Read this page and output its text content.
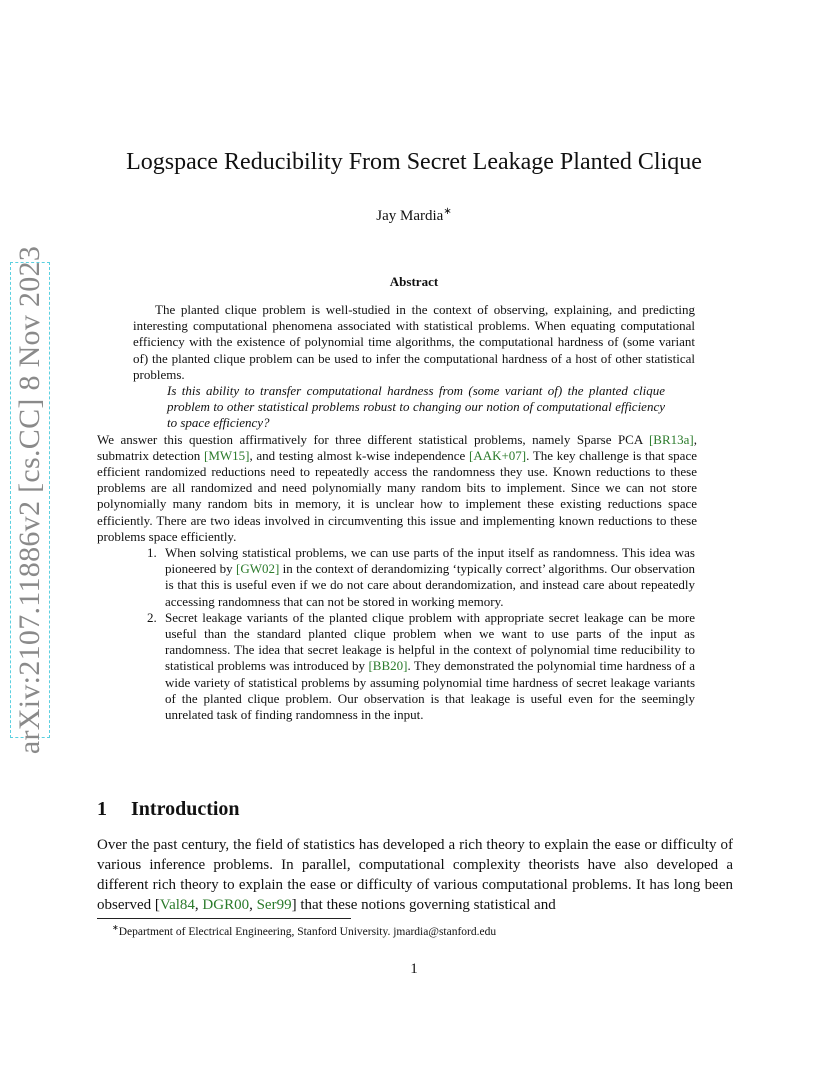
arXiv:2107.11886v2 [cs.CC] 8 Nov 2023
Logspace Reducibility From Secret Leakage Planted Clique
Jay Mardia∗
Abstract

The planted clique problem is well-studied in the context of observing, explaining, and predicting interesting computational phenomena associated with statistical problems. When equating computational efficiency with the existence of polynomial time algorithms, the computational hardness of (some variant of) the planted clique problem can be used to infer the computational hardness of a host of other statistical problems.

Is this ability to transfer computational hardness from (some variant of) the planted clique problem to other statistical problems robust to changing our notion of computational efficiency to space efficiency?

We answer this question affirmatively for three different statistical problems, namely Sparse PCA [BR13a], submatrix detection [MW15], and testing almost k-wise independence [AAK+07]. The key challenge is that space efficient randomized reductions need to repeatedly access the randomness they use. Known reductions to these problems are all randomized and need polynomially many random bits to implement. Since we can not store polynomially many random bits in memory, it is unclear how to implement these existing reductions space efficiently. There are two ideas involved in circumventing this issue and implementing known reductions to these problems space efficiently.

1. When solving statistical problems, we can use parts of the input itself as randomness. This idea was pioneered by [GW02] in the context of derandomizing ‘typically correct’ algorithms. Our observation is that this is useful even if we do not care about derandomization, and instead care about repeatedly accessing randomness that can not be stored in working memory.
2. Secret leakage variants of the planted clique problem with appropriate secret leakage can be more useful than the standard planted clique problem when we want to use parts of the input as randomness. The idea that secret leakage is helpful in the context of polynomial time reducibility to statistical problems was introduced by [BB20]. They demonstrated the polynomial time hardness of a wide variety of statistical problems by assuming polynomial time hardness of secret leakage variants of the planted clique problem. Our observation is that leakage is useful even for the seemingly unrelated task of finding randomness in the input.
1 Introduction

Over the past century, the field of statistics has developed a rich theory to explain the ease or difficulty of various inference problems. In parallel, computational complexity theorists have also developed a different rich theory to explain the ease or difficulty of various computational problems. It has long been observed [Val84, DGR00, Ser99] that these notions governing statistical and

∗Department of Electrical Engineering, Stanford University. jmardia@stanford.edu
1
